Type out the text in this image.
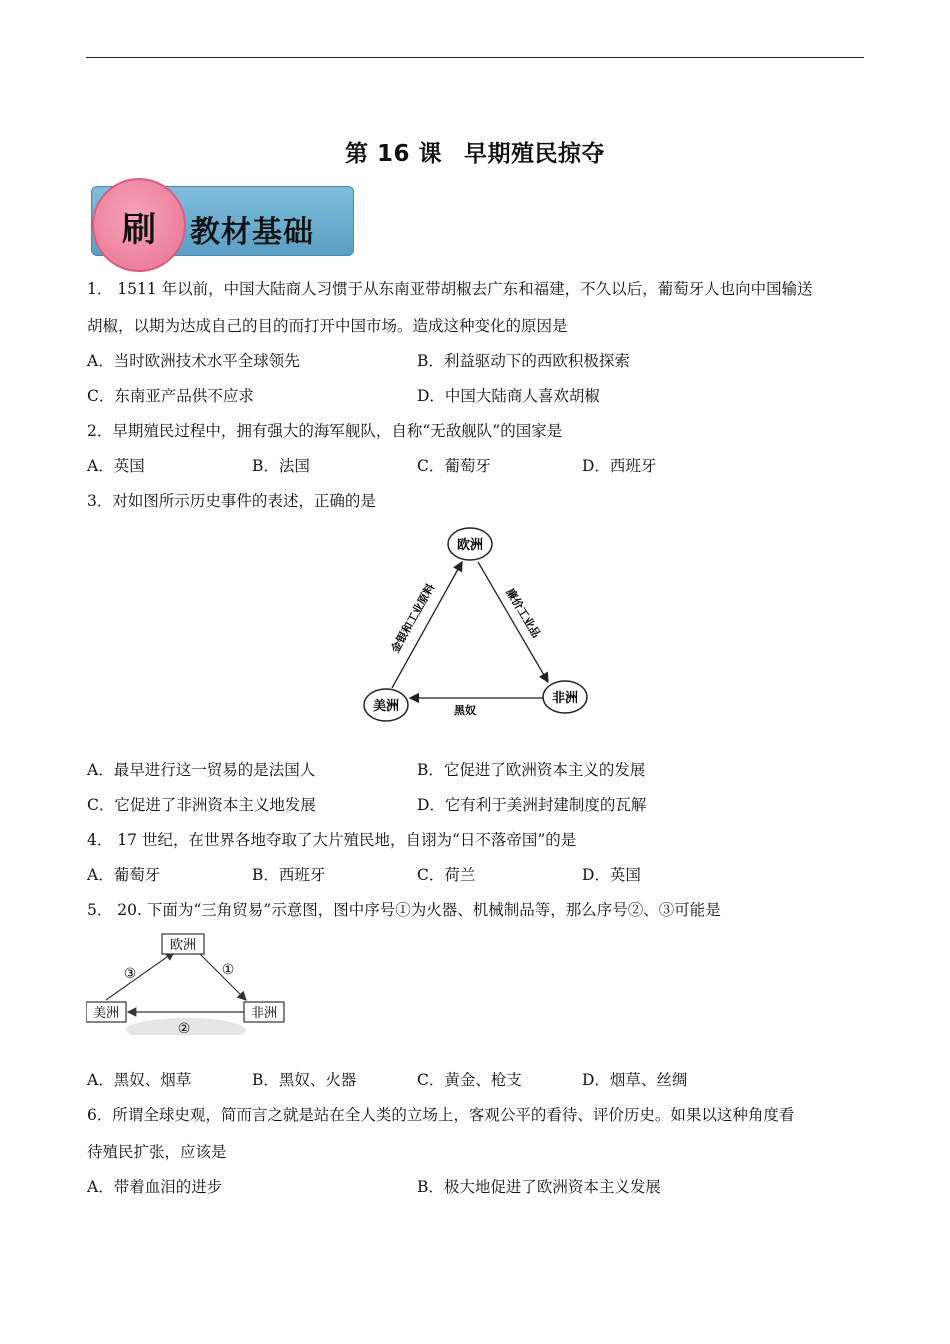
第 16 课 早期殖民掠夺
刷	教材基础
1． 1511 年以前，中国大陆商人习惯于从东南亚带胡椒去广东和福建，不久以后，葡萄牙人也向中国输送
胡椒，以期为达成自己的目的而打开中国市场。造成这种变化的原因是
A．当时欧洲技术水平全球领先	B．利益驱动下的西欧积极探索
C．东南亚产品供不应求	D．中国大陆商人喜欢胡椒
2．早期殖民过程中，拥有强大的海军舰队，自称“无敌舰队”的国家是
A．英国	B．法国	C．葡萄牙	D．西班牙
3．对如图所示历史事件的表述，正确的是
欧洲
非洲
美洲
金银和工业原料	廉价工业品
黑奴
A．最早进行这一贸易的是法国人	B．它促进了欧洲资本主义的发展
C．它促进了非洲资本主义地发展	D．它有利于美洲封建制度的瓦解
4． 17 世纪，在世界各地夺取了大片殖民地，自诩为“日不落帝国”的是
A．葡萄牙	B．西班牙	C．荷兰	D．英国
5． 20. 下面为“三角贸易”示意图，图中序号①为火器、机械制品等，那么序号②、③可能是
欧洲
非洲
美洲
③	①
②
A．黑奴、烟草	B．黑奴、火器	C．黄金、枪支	D．烟草、丝绸
6．所谓全球史观，简而言之就是站在全人类的立场上，客观公平的看待、评价历史。如果以这种角度看
待殖民扩张，应该是
A．带着血泪的进步	B．极大地促进了欧洲资本主义发展
